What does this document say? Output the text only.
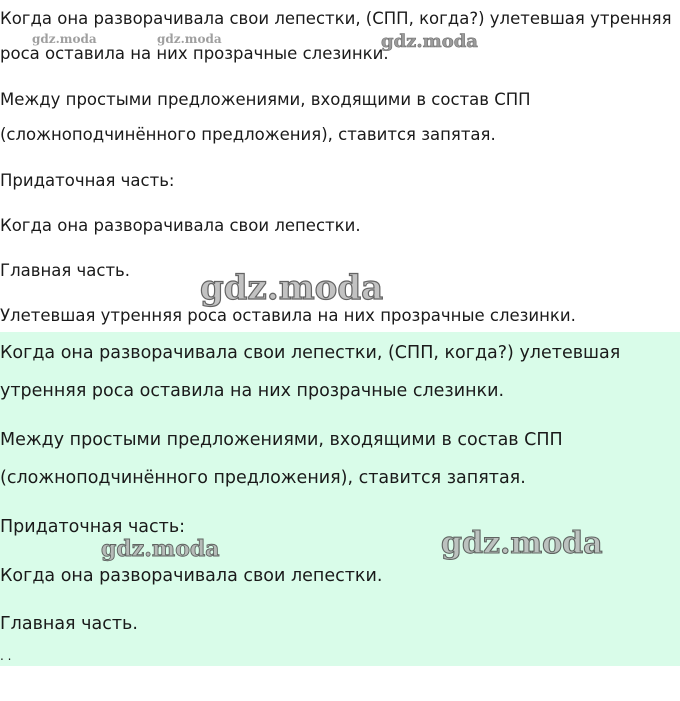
Когда она разворачивала свои лепестки, (СПП, когда?) улетевшая утренняя

роса оставила на них прозрачные слезинки.

Между простыми предложениями, входящими в состав СПП

(сложноподчинённого предложения), ставится запятая.

Придаточная часть:

Когда она разворачивала свои лепестки.

Главная часть.

Улетевшая утренняя роса оставила на них прозрачные слезинки.

gdz.moda	gdz.moda	gdz.moda
gdz.moda

Когда она разворачивала свои лепестки, (СПП, когда?) улетевшая

утренняя роса оставила на них прозрачные слезинки.

Между простыми предложениями, входящими в состав СПП

(сложноподчинённого предложения), ставится запятая.

Придаточная часть:

Когда она разворачивала свои лепестки.

Главная часть.

. .

gdz.moda	gdz.moda
